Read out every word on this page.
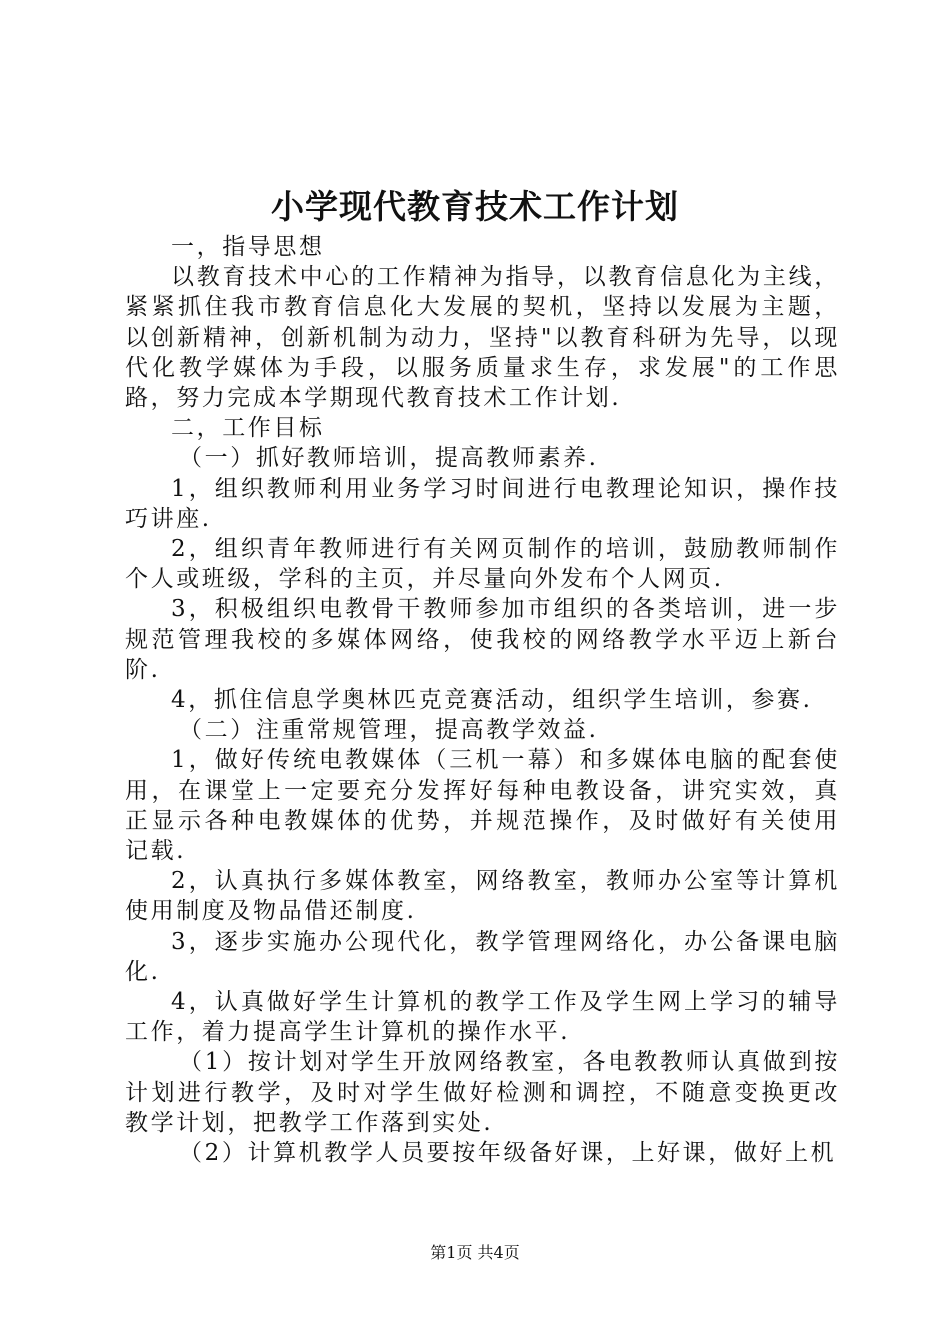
小学现代教育技术工作计划

一，指导思想

以教育技术中心的工作精神为指导，以教育信息化为主线，紧紧抓住我市教育信息化大发展的契机，坚持以发展为主题，以创新精神，创新机制为动力，坚持"以教育科研为先导，以现代化教学媒体为手段，以服务质量求生存，求发展"的工作思路，努力完成本学期现代教育技术工作计划.

二，工作目标

（一）抓好教师培训，提高教师素养.

1，组织教师利用业务学习时间进行电教理论知识，操作技巧讲座.

2，组织青年教师进行有关网页制作的培训，鼓励教师制作个人或班级，学科的主页，并尽量向外发布个人网页.

3，积极组织电教骨干教师参加市组织的各类培训，进一步规范管理我校的多媒体网络，使我校的网络教学水平迈上新台阶.

4，抓住信息学奥林匹克竞赛活动，组织学生培训，参赛.

（二）注重常规管理，提高教学效益.

1，做好传统电教媒体（三机一幕）和多媒体电脑的配套使用，在课堂上一定要充分发挥好每种电教设备，讲究实效，真正显示各种电教媒体的优势，并规范操作，及时做好有关使用记载.

2，认真执行多媒体教室，网络教室，教师办公室等计算机使用制度及物品借还制度.

3，逐步实施办公现代化，教学管理网络化，办公备课电脑化.

4，认真做好学生计算机的教学工作及学生网上学习的辅导工作，着力提高学生计算机的操作水平.

（1）按计划对学生开放网络教室，各电教教师认真做到按计划进行教学，及时对学生做好检测和调控，不随意变换更改教学计划，把教学工作落到实处.

（2）计算机教学人员要按年级备好课，上好课，做好上机

第1页 共4页
